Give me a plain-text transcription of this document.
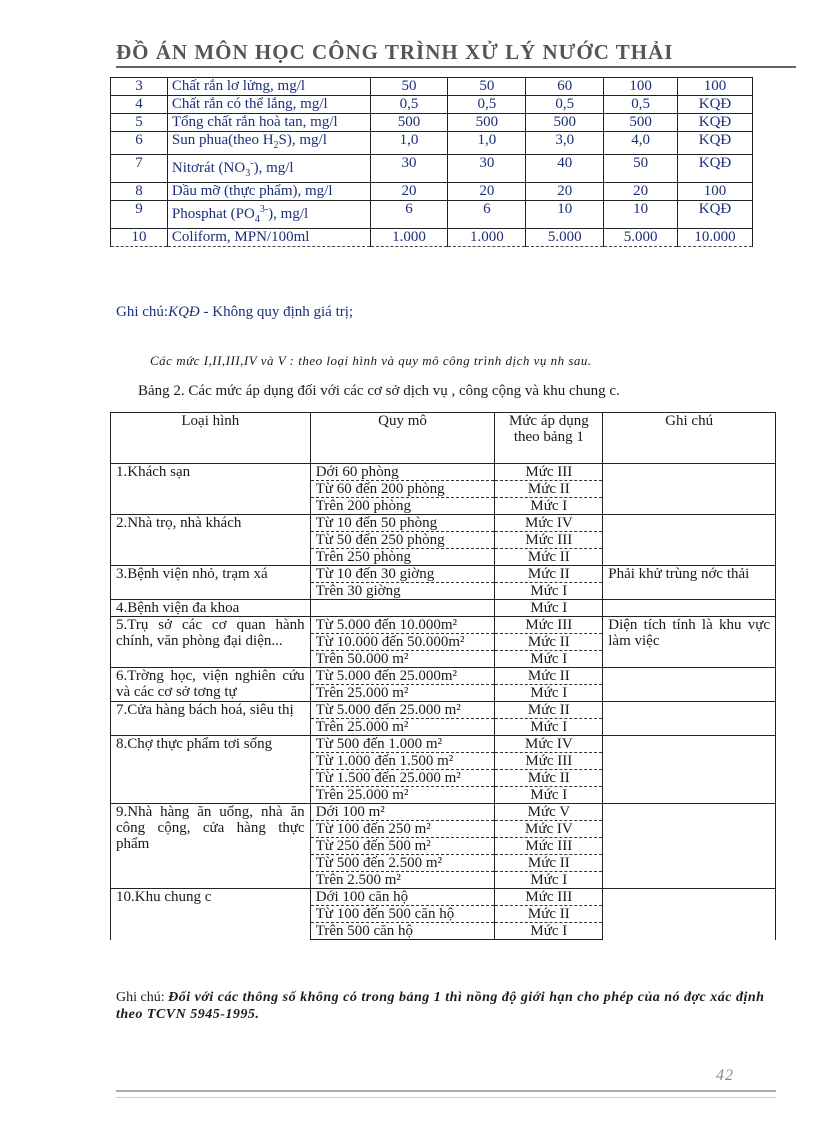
ĐỒ ÁN MÔN HỌC CÔNG TRÌNH XỬ LÝ NƯỚC THẢI
3	Chất rắn lơ lửng, mg/l	50	50	60	100	100
4	Chất rắn có thể lắng, mg/l	0,5	0,5	0,5	0,5	KQĐ
5	Tổng chất rắn hoà tan, mg/l	500	500	500	500	KQĐ
6	Sun phua(theo $H_2S$), mg/l	1,0	1,0	3,0	4,0	KQĐ
7	Nitơrát $(NO_3^-)$, mg/l	30	30	40	50	KQĐ
8	Dầu mỡ (thực phẩm), mg/l	20	20	20	20	100
9	Phosphat $(PO_4^{3-})$, mg/l	6	6	10	10	KQĐ
10	Coliform, MPN/100ml	1.000	1.000	5.000	5.000	10.000
Ghi chú:KQĐ - Không quy định giá trị;
Các mức I,II,III,IV và V : theo loại hình và quy mô công trình dịch vụ nh sau.
Bảng 2. Các mức áp dụng đối với các cơ sở dịch vụ , công cộng và khu chung c.
Loại hình	Quy mô	Mức áp dụng theo bảng 1	Ghi chú
1.Khách sạn	Dới 60 phòng	Mức III	
	Từ 60 đến 200 phòng	Mức II	
	Trên 200 phòng	Mức I	
2.Nhà trọ, nhà khách	Từ 10 đến 50 phòng	Mức IV	
	Từ 50 đến 250 phòng	Mức III	
	Trên 250 phòng	Mức II	
3.Bệnh viện nhỏ, trạm xá	Từ 10 đến 30 giờng	Mức II	Phải khử trùng nớc thải
	Trên 30 giờng	Mức I	
4.Bệnh viện đa khoa		Mức I	
5.Trụ sở các cơ quan hành chính, văn phòng đại diện...	Từ 5.000 đến 10.000m²	Mức III	Diện tích tính là khu vực làm việc
	Từ 10.000 đến 50.000m²	Mức II	
	Trên 50.000 m²	Mức I	
6.Trờng học, viện nghiên cứu và các cơ sở tơng tự	Từ 5.000 đến 25.000m²	Mức II	
	Trên 25.000 m²	Mức I	
7.Cửa hàng bách hoá, siêu thị	Từ 5.000 đến 25.000 m²	Mức II	
	Trên 25.000 m²	Mức I	
8.Chợ thực phẩm tơi sống	Từ 500 đến 1.000 m²	Mức IV	
	Từ 1.000 đến 1.500 m²	Mức III	
	Từ 1.500 đến 25.000 m²	Mức II	
	Trên 25.000 m²	Mức I	
9.Nhà hàng ăn uống, nhà ăn công cộng, cửa hàng thực phẩm	Dới 100 m²	Mức V	
	Từ 100 đến 250 m²	Mức IV	
	Từ 250 đến 500 m²	Mức III	
	Từ 500 đến 2.500 m²	Mức II	
	Trên 2.500 m²	Mức I	
10.Khu chung c	Dới 100 căn hộ	Mức III	
	Từ 100 đến 500 căn hộ	Mức II	
	Trên 500 căn hộ	Mức I	
Ghi chú: Đối với các thông số không có trong bảng 1 thì nồng độ giới hạn cho phép của nó đợc xác định theo TCVN 5945-1995.
42
